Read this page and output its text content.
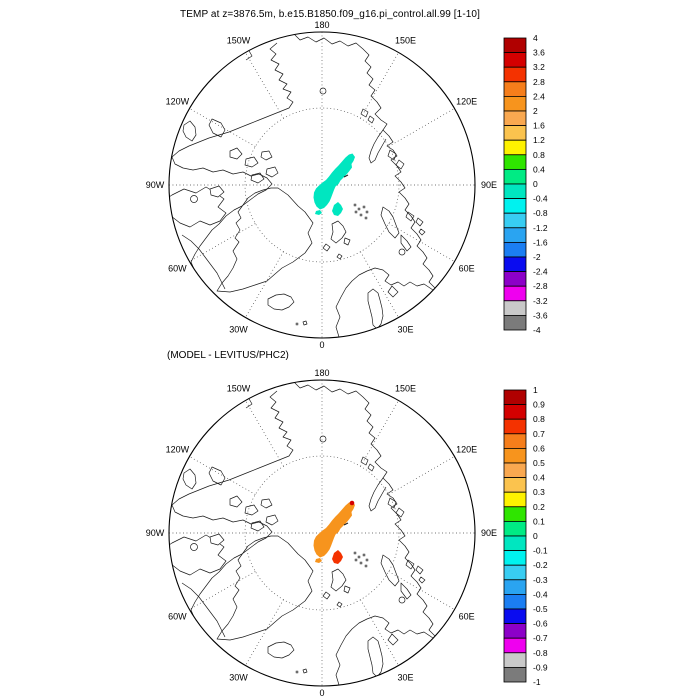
TEMP at z=3876.5m, b.e15.B1850.f09_g16.pi_control.all.99 [1-10]
180
150E
120E
90E
60E
30E
0
30W
60W
90W
120W
150W
(MODEL - LEVITUS/PHC2)
180
150E
120E
90E
60E
30E
0
30W
60W
90W
120W
150W
4
3.6
3.2
2.8
2.4
2
1.6
1.2
0.8
0.4
0
-0.4
-0.8
-1.2
-1.6
-2
-2.4
-2.8
-3.2
-3.6
-4
1
0.9
0.8
0.7
0.6
0.5
0.4
0.3
0.2
0.1
0
-0.1
-0.2
-0.3
-0.4
-0.5
-0.6
-0.7
-0.8
-0.9
-1
